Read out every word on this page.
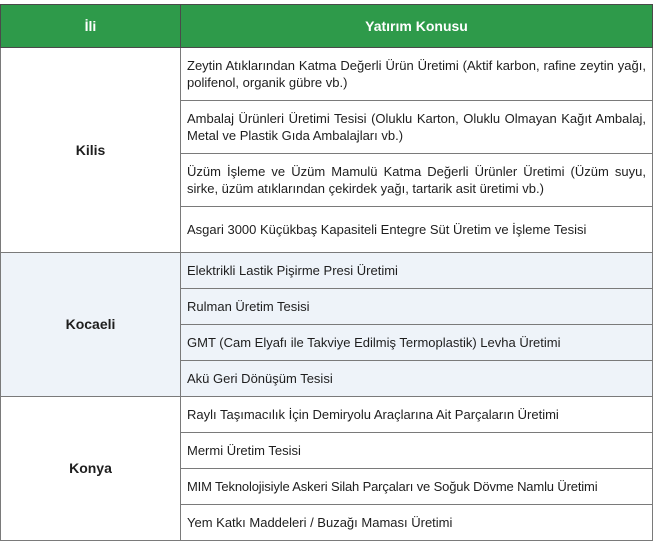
İli	Yatırım Konusu
Kilis	Zeytin Atıklarından Katma Değerli Ürün Üretimi (Aktif karbon, rafine zeytin yağı, polifenol, organik gübre vb.)
	Ambalaj Ürünleri Üretimi Tesisi (Oluklu Karton, Oluklu Olmayan Kağıt Ambalaj, Metal ve Plastik Gıda Ambalajları vb.)
	Üzüm İşleme ve Üzüm Mamulü Katma Değerli Ürünler Üretimi (Üzüm suyu, sirke, üzüm atıklarından çekirdek yağı, tartarik asit üretimi vb.)
	Asgari 3000 Küçükbaş Kapasiteli Entegre Süt Üretim ve İşleme Tesisi
Kocaeli	Elektrikli Lastik Pişirme Presi Üretimi
	Rulman Üretim Tesisi
	GMT (Cam Elyafı ile Takviye Edilmiş Termoplastik) Levha Üretimi
	Akü Geri Dönüşüm Tesisi
Konya	Raylı Taşımacılık İçin Demiryolu Araçlarına Ait Parçaların Üretimi
	Mermi Üretim Tesisi
	MIM Teknolojisiyle Askeri Silah Parçaları ve Soğuk Dövme Namlu Üretimi
	Yem Katkı Maddeleri / Buzağı Maması Üretimi
